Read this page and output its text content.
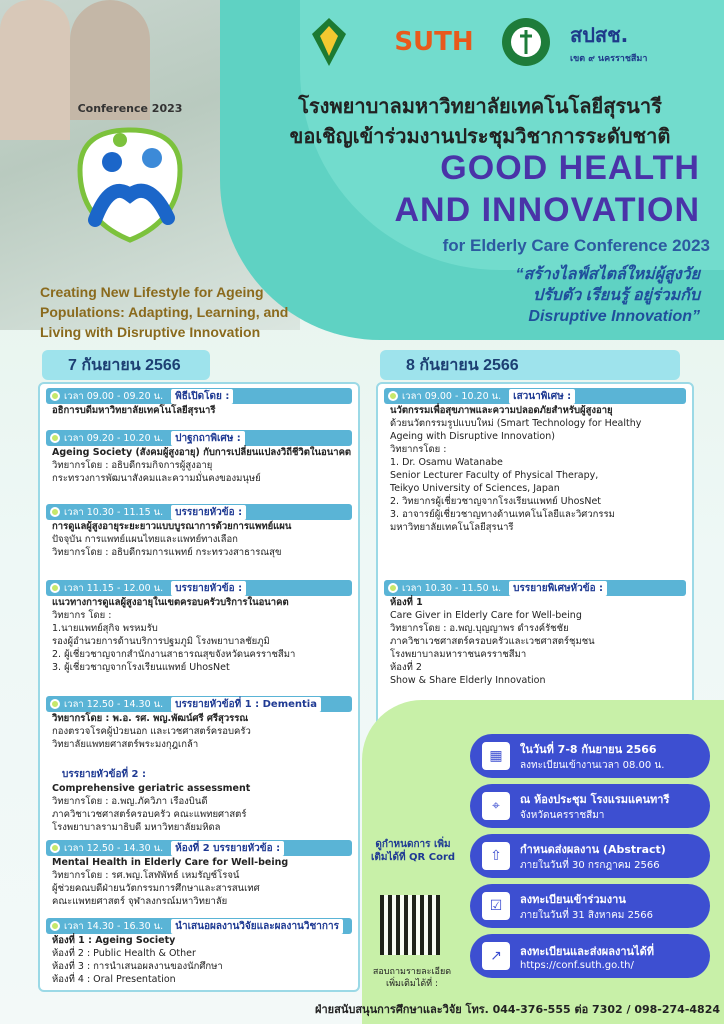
Conference 2023
SUTH	สปสช.
เขต ๙ นครราชสีมา
โรงพยาบาลมหาวิทยาลัยเทคโนโลยีสุรนารี
ขอเชิญเข้าร่วมงานประชุมวิชาการระดับชาติ
GOOD HEALTH
AND INNOVATION
for Elderly Care Conference 2023
“สร้างไลฟ์สไตล์ใหม่ผู้สูงวัย
ปรับตัว เรียนรู้ อยู่ร่วมกับ
Disruptive Innovation”
Creating New Lifestyle for Ageing
Populations: Adapting, Learning, and
Living with Disruptive Innovation
7 กันยายน 2566
เวลา 09.00 - 09.20 น.	พิธีเปิดโดย :
อธิการบดีมหาวิทยาลัยเทคโนโลยีสุรนารี
เวลา 09.20 - 10.20 น.	ปาฐกถาพิเศษ :
Ageing Society (สังคมผู้สูงอายุ) กับการเปลี่ยนแปลงวิถีชีวิตในอนาคต
วิทยากรโดย : อธิบดีกรมกิจการผู้สูงอายุ
กระทรวงการพัฒนาสังคมและความมั่นคงของมนุษย์
เวลา 10.30 - 11.15 น.	บรรยายหัวข้อ :
การดูแลผู้สูงอายุระยะยาวแบบบูรณาการด้วยการแพทย์แผน
ปัจจุบัน การแพทย์แผนไทยและแพทย์ทางเลือก
วิทยากรโดย : อธิบดีกรมการแพทย์ กระทรวงสาธารณสุข
เวลา 11.15 - 12.00 น.	บรรยายหัวข้อ :
แนวทางการดูแลผู้สูงอายุในเขตครอบครัวบริการในอนาคต
วิทยากร โดย :
1.นายแพทย์สุกิจ พรหมรับ
รองผู้อำนวยการด้านบริการปฐมภูมิ โรงพยาบาลชัยภูมิ
2. ผู้เชี่ยวชาญจากสำนักงานสาธารณสุขจังหวัดนครราชสีมา
3. ผู้เชี่ยวชาญจากโรงเรียนแพทย์ UhosNet
เวลา 12.50 - 14.30 น.	บรรยายหัวข้อที่ 1 : Dementia
วิทยากรโดย : พ.อ. รศ. พญ.พัฒน์ศรี ศรีสุวรรณ
กองตรวจโรคผู้ป่วยนอก และเวชศาสตร์ครอบครัว
วิทยาลัยแพทยศาสตร์พระมงกุฎเกล้า
บรรยายหัวข้อที่ 2 :
Comprehensive geriatric assessment
วิทยากรโดย : อ.พญ.ภัควิภา เรืองบินดี
ภาควิชาเวชศาสตร์ครอบครัว คณะแพทยศาสตร์
โรงพยาบาลรามาธิบดี มหาวิทยาลัยมหิดล
เวลา 12.50 - 14.30 น.	ห้องที่ 2 บรรยายหัวข้อ :
Mental Health in Elderly Care for Well-being
วิทยากรโดย : รศ.พญ.โสฬพัทธ์ เหมรัญช์โรจน์
ผู้ช่วยคณบดีฝ่ายนวัตกรรมการศึกษาและสารสนเทศ
คณะแพทยศาสตร์ จุฬาลงกรณ์มหาวิทยาลัย
เวลา 14.30 - 16.30 น.	นำเสนอผลงานวิจัยและผลงานวิชาการ
ห้องที่ 1 : Ageing Society
ห้องที่ 2 : Public Health & Other
ห้องที่ 3 : การนำเสนอผลงานของนักศึกษา
ห้องที่ 4 : Oral Presentation
8 กันยายน 2566
เวลา 09.00 - 10.20 น.	เสวนาพิเศษ :
นวัตกรรมเพื่อสุขภาพและความปลอดภัยสำหรับผู้สูงอายุ
ด้วยนวัตกรรมรูปแบบใหม่ (Smart Technology for Healthy
Ageing with Disruptive Innovation)
วิทยากรโดย :
1. Dr. Osamu Watanabe
Senior Lecturer Faculty of Physical Therapy,
Teikyo University of Sciences, Japan
2. วิทยากรผู้เชี่ยวชาญจากโรงเรียนแพทย์ UhosNet
3. อาจารย์ผู้เชี่ยวชาญทางด้านเทคโนโลยีและวิศวกรรม
มหาวิทยาลัยเทคโนโลยีสุรนารี
เวลา 10.30 - 11.50 น.	บรรยายพิเศษหัวข้อ :
ห้องที่ 1
Care Giver in Elderly Care for Well-being
วิทยากรโดย : อ.พญ.บุญญาพร ดำรงค์รัชชัย
ภาควิชาเวชศาสตร์ครอบครัวและเวชศาสตร์ชุมชน
โรงพยาบาลมหาราชนครราชสีมา
ห้องที่ 2
Show & Share Elderly Innovation
▦	ในวันที่ 7-8 กันยายน 2566
ลงทะเบียนเข้างานเวลา 08.00 น.
⌖	ณ ห้องประชุม โรงแรมแคนทารี
จังหวัดนครราชสีมา
⇧	กำหนดส่งผลงาน (Abstract)
ภายในวันที่ 30 กรกฎาคม 2566
☑	ลงทะเบียนเข้าร่วมงาน
ภายในวันที่ 31 สิงหาคม 2566
↗	ลงทะเบียนและส่งผลงานได้ที่
https://conf.suth.go.th/
ดูกำหนดการ เพิ่มเติมได้ที่ QR Cord
สอบถามรายละเอียด เพิ่มเติมได้ที่ :
ฝ่ายสนับสนุนการศึกษาและวิจัย โทร. 044-376-555 ต่อ 7302 / 098-274-4824
